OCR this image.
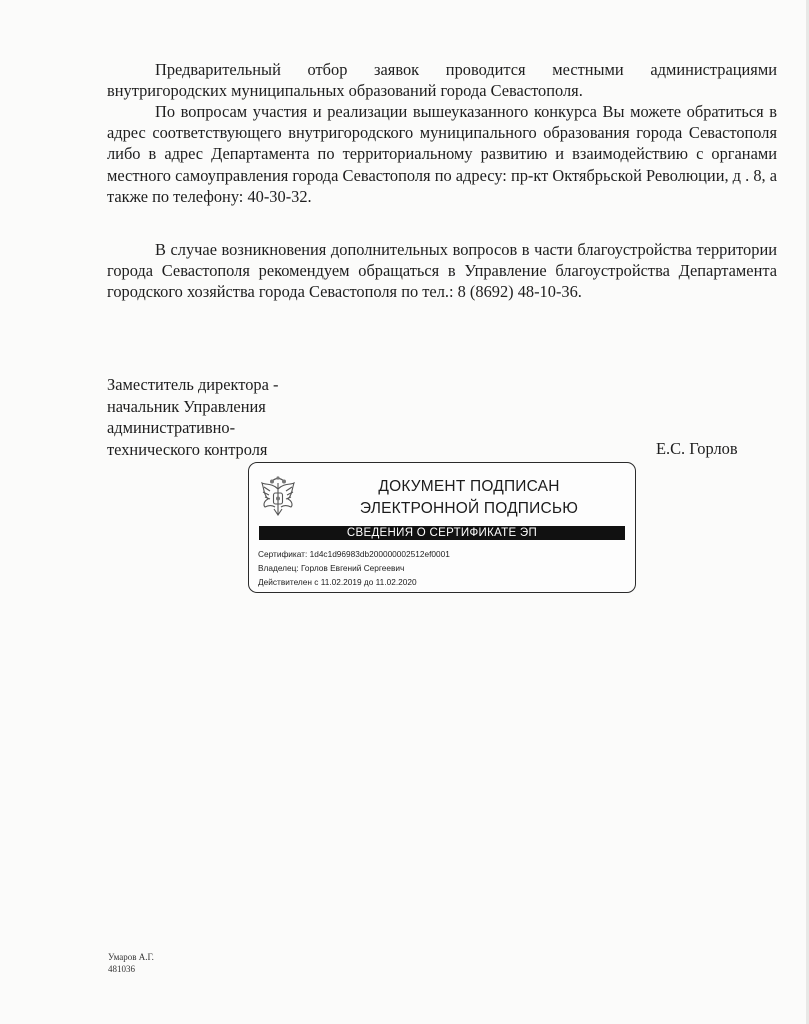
Предварительный отбор заявок проводится местными администрациями внутригородских муниципальных образований города Севастополя.

По вопросам участия и реализации вышеуказанного конкурса Вы можете обратиться в адрес соответствующего внутригородского муниципального образования города Севастополя либо в адрес Департамента по территориальному развитию и взаимодействию с органами местного самоуправления города Севастополя по адресу: пр-кт Октябрьской Революции, д . 8, а также по телефону: 40-30-32.

В случае возникновения дополнительных вопросов в части благоустройства территории города Севастополя рекомендуем обращаться в Управление благоустройства Департамента городского хозяйства города Севастополя по тел.: 8 (8692) 48-10-36.

Заместитель директора -
начальник Управления
административно-
технического контроля	Е.С. Горлов
ДОКУМЕНТ ПОДПИСАН
ЭЛЕКТРОННОЙ ПОДПИСЬЮ
СВЕДЕНИЯ О СЕРТИФИКАТЕ ЭП
Сертификат: 1d4c1d96983db200000002512ef0001
Владелец: Горлов Евгений Сергеевич
Действителен с 11.02.2019 до 11.02.2020
Умаров А.Г.
481036
